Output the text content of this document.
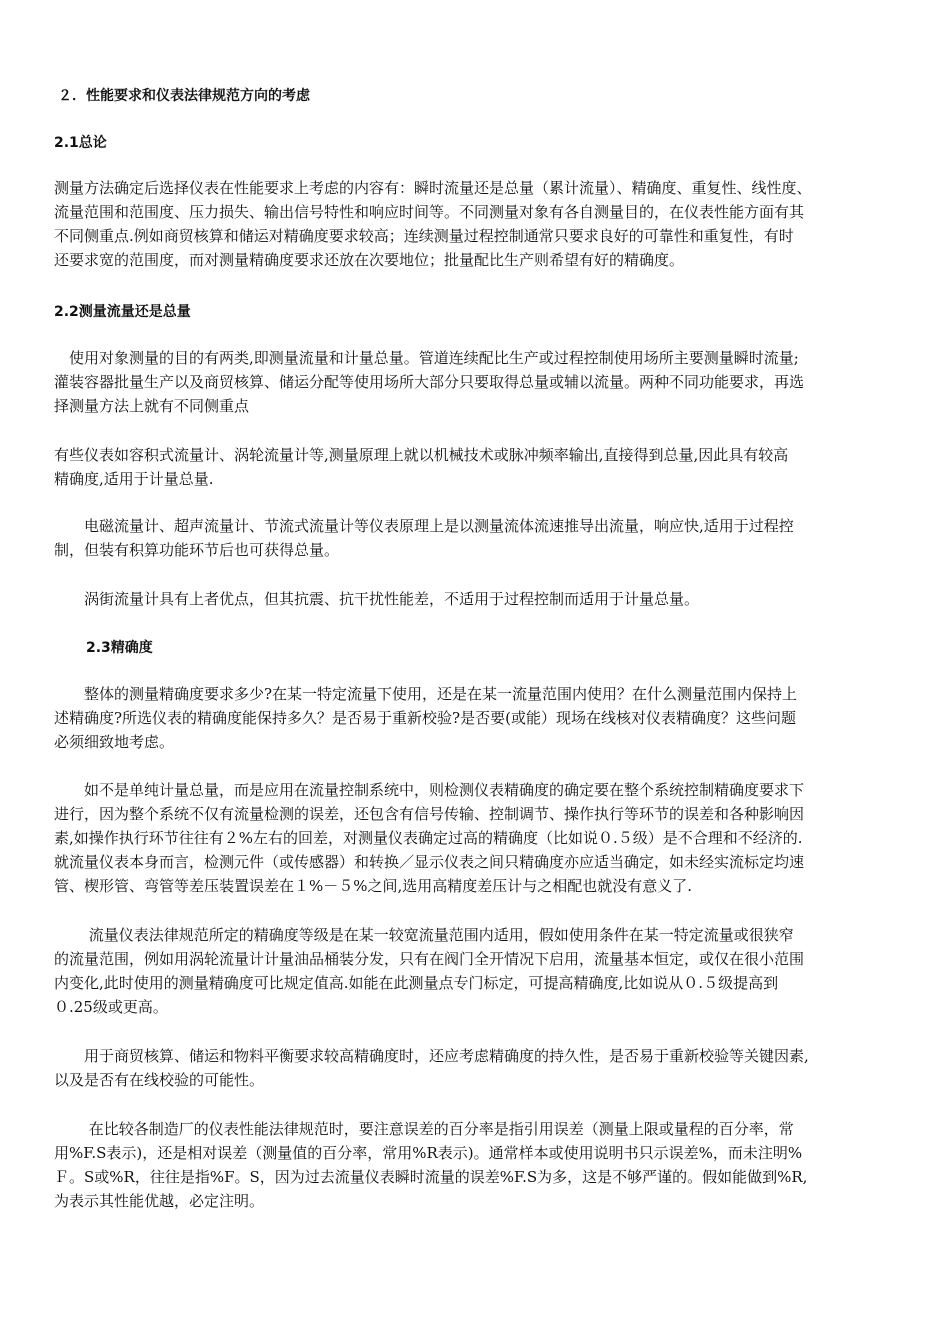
２．性能要求和仪表法律规范方向的考虑
2.1总论

测量方法确定后选择仪表在性能要求上考虑的内容有：瞬时流量还是总量（累计流量）、精确度、重复性、线性度、

流量范围和范围度、压力损失、输出信号特性和响应时间等。不同测量对象有各自测量目的，在仪表性能方面有其

不同侧重点.例如商贸核算和储运对精确度要求较高；连续测量过程控制通常只要求良好的可靠性和重复性，有时

还要求宽的范围度，而对测量精确度要求还放在次要地位；批量配比生产则希望有好的精确度。

2.2测量流量还是总量

　使用对象测量的目的有两类,即测量流量和计量总量。管道连续配比生产或过程控制使用场所主要测量瞬时流量;

灌装容器批量生产以及商贸核算、储运分配等使用场所大部分只要取得总量或辅以流量。两种不同功能要求，再选

择测量方法上就有不同侧重点

有些仪表如容积式流量计、涡轮流量计等,测量原理上就以机械技术或脉冲频率输出,直接得到总量,因此具有较高

精确度,适用于计量总量.

　　电磁流量计、超声流量计、节流式流量计等仪表原理上是以测量流体流速推导出流量，响应快,适用于过程控

制，但装有积算功能环节后也可获得总量。

　　涡街流量计具有上者优点，但其抗震、抗干扰性能差，不适用于过程控制而适用于计量总量。

2.3精确度

　　整体的测量精确度要求多少?在某一特定流量下使用，还是在某一流量范围内使用？在什么测量范围内保持上

述精确度?所选仪表的精确度能保持多久？是否易于重新校验?是否要(或能）现场在线核对仪表精确度？这些问题

必须细致地考虑。

　　如不是单纯计量总量，而是应用在流量控制系统中，则检测仪表精确度的确定要在整个系统控制精确度要求下

进行，因为整个系统不仅有流量检测的误差，还包含有信号传输、控制调节、操作执行等环节的误差和各种影响因

素,如操作执行环节往往有２%左右的回差，对测量仪表确定过高的精确度（比如说０.５级）是不合理和不经济的.

就流量仪表本身而言，检测元件（或传感器）和转换／显示仪表之间只精确度亦应适当确定，如未经实流标定均速

管、楔形管、弯管等差压装置误差在１%－５%之间,选用高精度差压计与之相配也就没有意义了.

　　 流量仪表法律规范所定的精确度等级是在某一较宽流量范围内适用，假如使用条件在某一特定流量或很狭窄

的流量范围，例如用涡轮流量计计量油品桶装分发，只有在阀门全开情况下启用，流量基本恒定，或仅在很小范围

内变化,此时使用的测量精确度可比规定值高.如能在此测量点专门标定，可提高精确度,比如说从０.５级提高到

０.25级或更高。

　　用于商贸核算、储运和物料平衡要求较高精确度时，还应考虑精确度的持久性，是否易于重新校验等关键因素,

以及是否有在线校验的可能性。

　　 在比较各制造厂的仪表性能法律规范时，要注意误差的百分率是指引用误差（测量上限或量程的百分率，常

用%F.S表示)，还是相对误差（测量值的百分率，常用%R表示)。通常样本或使用说明书只示误差%，而未注明%

Ｆ。S或%R，往往是指%F。S，因为过去流量仪表瞬时流量的误差%F.S为多，这是不够严谨的。假如能做到%R,

为表示其性能优越，必定注明。
